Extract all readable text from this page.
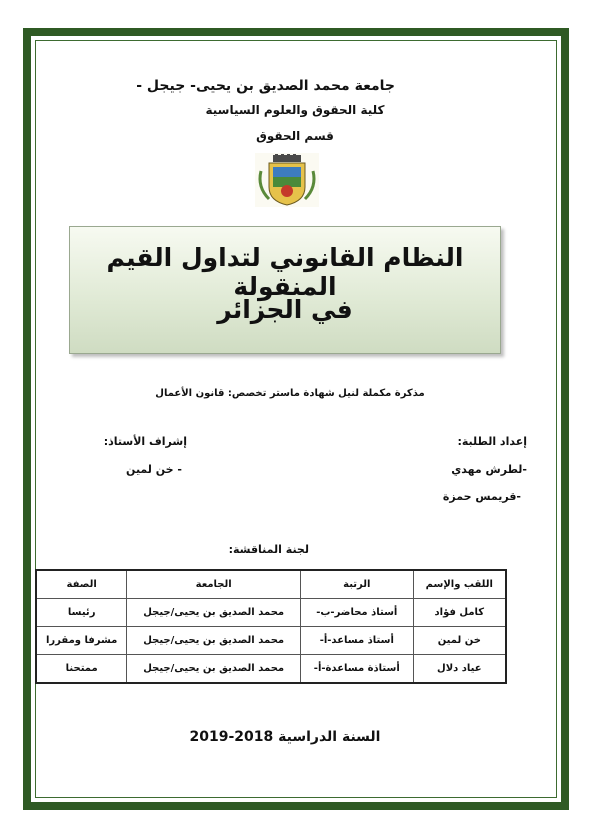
جامعة محمد الصديق بن يحيى- جيجل -
كلية الحقوق والعلوم السياسية
قسم الحقوق
النظام القانوني لتداول القيم المنقولة
في الجزائر
مذكرة مكملة لنيل شهادة ماستر تخصص: قانون الأعمال
إعداد الطلبة:
-لطرش مهدي
-قريمس حمزة
إشراف الأستاذ:
- خن لمين
لجنة المناقشة:
اللقب والإسم	الرتبة	الجامعة	الصفة
كامل فؤاد	أستاذ محاضر-ب-	محمد الصديق بن يحيى/جيجل	رئيسا
خن لمين	أستاذ مساعد-أ-	محمد الصديق بن يحيى/جيجل	مشرفا ومقررا
عياد دلال	أستاذة مساعدة-أ-	محمد الصديق بن يحيى/جيجل	ممتحنا
السنة الدراسية 2018-2019
